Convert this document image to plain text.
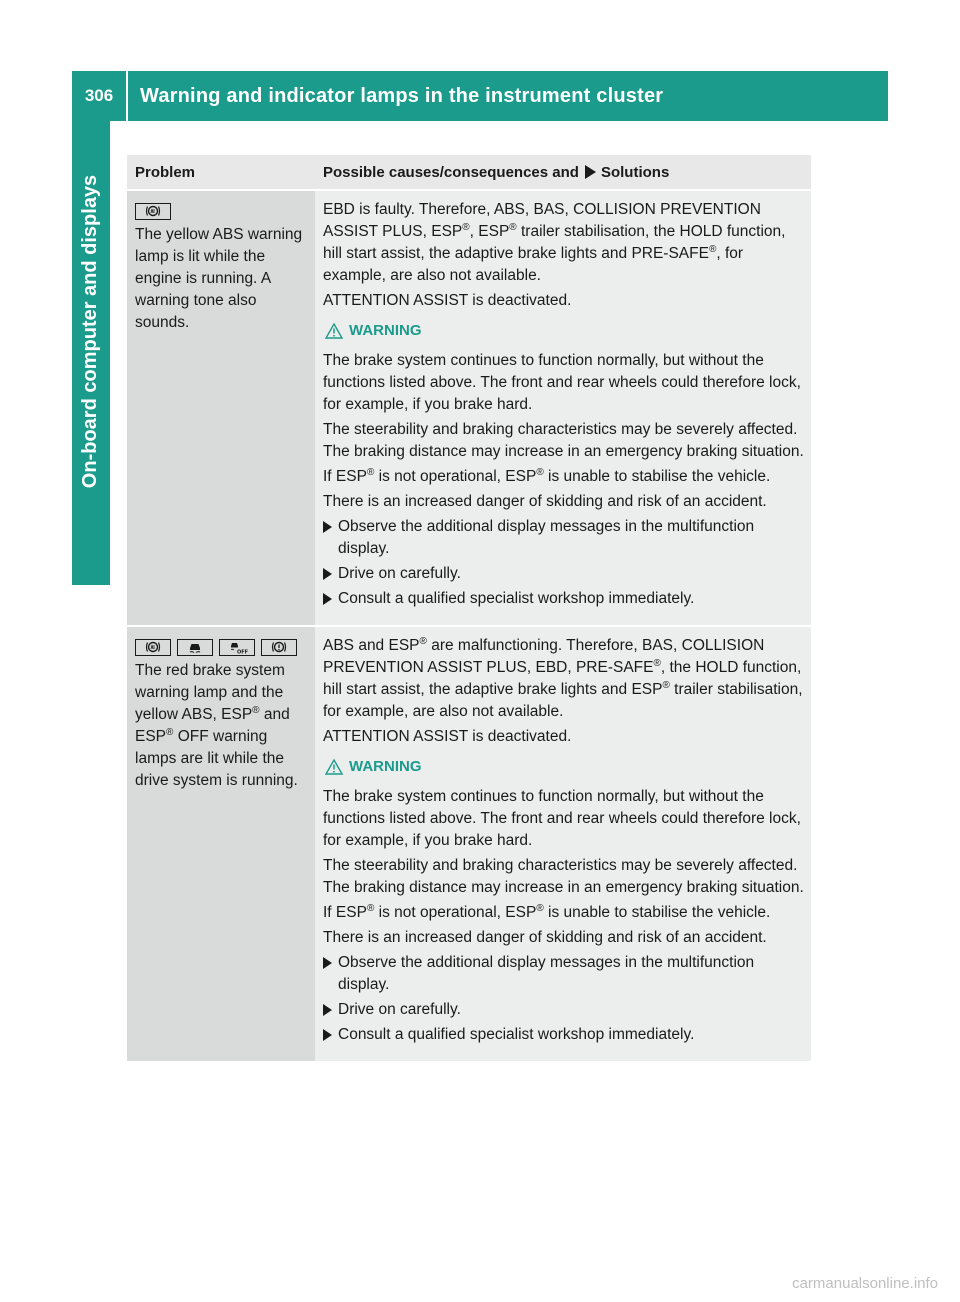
306	Warning and indicator lamps in the instrument cluster
On-board computer and displays
Problem	Possible causes/consequences and Solutions
The yellow ABS warning lamp is lit while the engine is running. A warning tone also sounds.

EBD is faulty. Therefore, ABS, BAS, COLLISION PREVENTION ASSIST PLUS, ESP®, ESP® trailer stabilisation, the HOLD function, hill start assist, the adaptive brake lights and PRE-SAFE®, for example, are also not available.

ATTENTION ASSIST is deactivated.

WARNING

The brake system continues to function normally, but without the functions listed above. The front and rear wheels could therefore lock, for example, if you brake hard.

The steerability and braking characteristics may be severely affected. The braking distance may increase in an emergency braking situation.

If ESP® is not operational, ESP® is unable to stabilise the vehicle.

There is an increased danger of skidding and risk of an accident.

Observe the additional display messages in the multifunction display.
Drive on carefully.
Consult a qualified specialist workshop immediately.
OFF
The red brake system warning lamp and the yellow ABS, ESP® and ESP® OFF warning lamps are lit while the drive system is running.

ABS and ESP® are malfunctioning. Therefore, BAS, COLLISION PREVENTION ASSIST PLUS, EBD, PRE-SAFE®, the HOLD function, hill start assist, the adaptive brake lights and ESP® trailer stabilisation, for example, are also not available.

ATTENTION ASSIST is deactivated.

WARNING

The brake system continues to function normally, but without the functions listed above. The front and rear wheels could therefore lock, for example, if you brake hard.

The steerability and braking characteristics may be severely affected. The braking distance may increase in an emergency braking situation.

If ESP® is not operational, ESP® is unable to stabilise the vehicle.

There is an increased danger of skidding and risk of an accident.

Observe the additional display messages in the multifunction display.
Drive on carefully.
Consult a qualified specialist workshop immediately.
carmanualsonline.info
